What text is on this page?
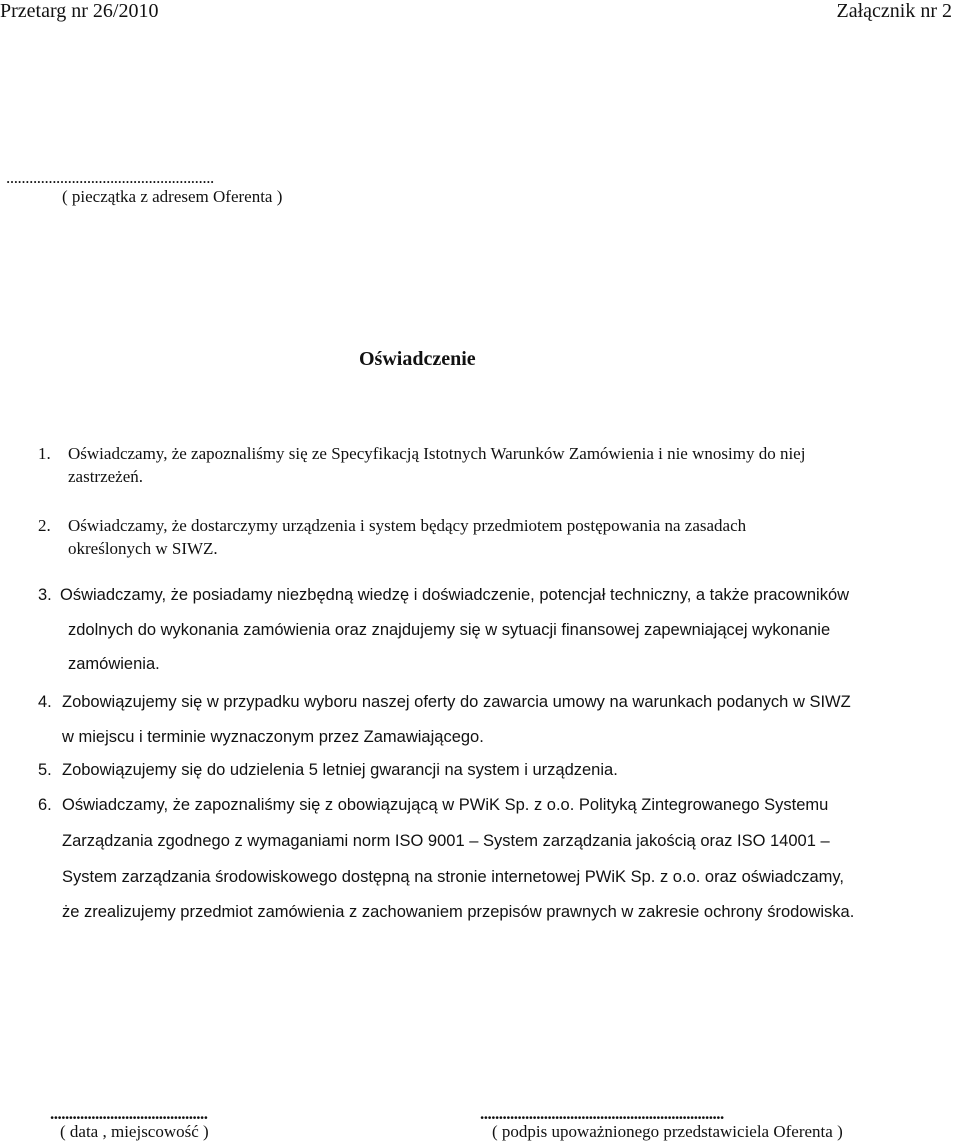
Przetarg nr 26/2010	Załącznik nr 2
......................................................
( pieczątka z adresem Oferenta )
Oświadczenie
1. Oświadczamy, że zapoznaliśmy się ze Specyfikacją Istotnych Warunków Zamówienia i nie wnosimy do niej
zastrzeżeń.
2. Oświadczamy, że dostarczymy urządzenia i system będący przedmiotem postępowania na zasadach
określonych w SIWZ.
3. Oświadczamy, że posiadamy niezbędną wiedzę i doświadczenie, potencjał techniczny, a także pracowników
zdolnych do wykonania zamówienia oraz znajdujemy się w sytuacji finansowej zapewniającej wykonanie
zamówienia.
4. Zobowiązujemy się w przypadku wyboru naszej oferty do zawarcia umowy na warunkach podanych w SIWZ
w miejscu i terminie wyznaczonym przez Zamawiającego.
5. Zobowiązujemy się do udzielenia 5 letniej gwarancji na system i urządzenia.
6. Oświadczamy, że zapoznaliśmy się z obowiązującą w PWiK Sp. z o.o. Polityką Zintegrowanego Systemu
Zarządzania zgodnego z wymaganiami norm ISO 9001 – System zarządzania jakością oraz ISO 14001 –
System zarządzania środowiskowego dostępną na stronie internetowej PWiK Sp. z o.o. oraz oświadczamy,
że zrealizujemy przedmiot zamówienia z zachowaniem przepisów prawnych w zakresie ochrony środowiska.
..........................................
( data , miejscowość )
.................................................................
( podpis upoważnionego przedstawiciela Oferenta )
